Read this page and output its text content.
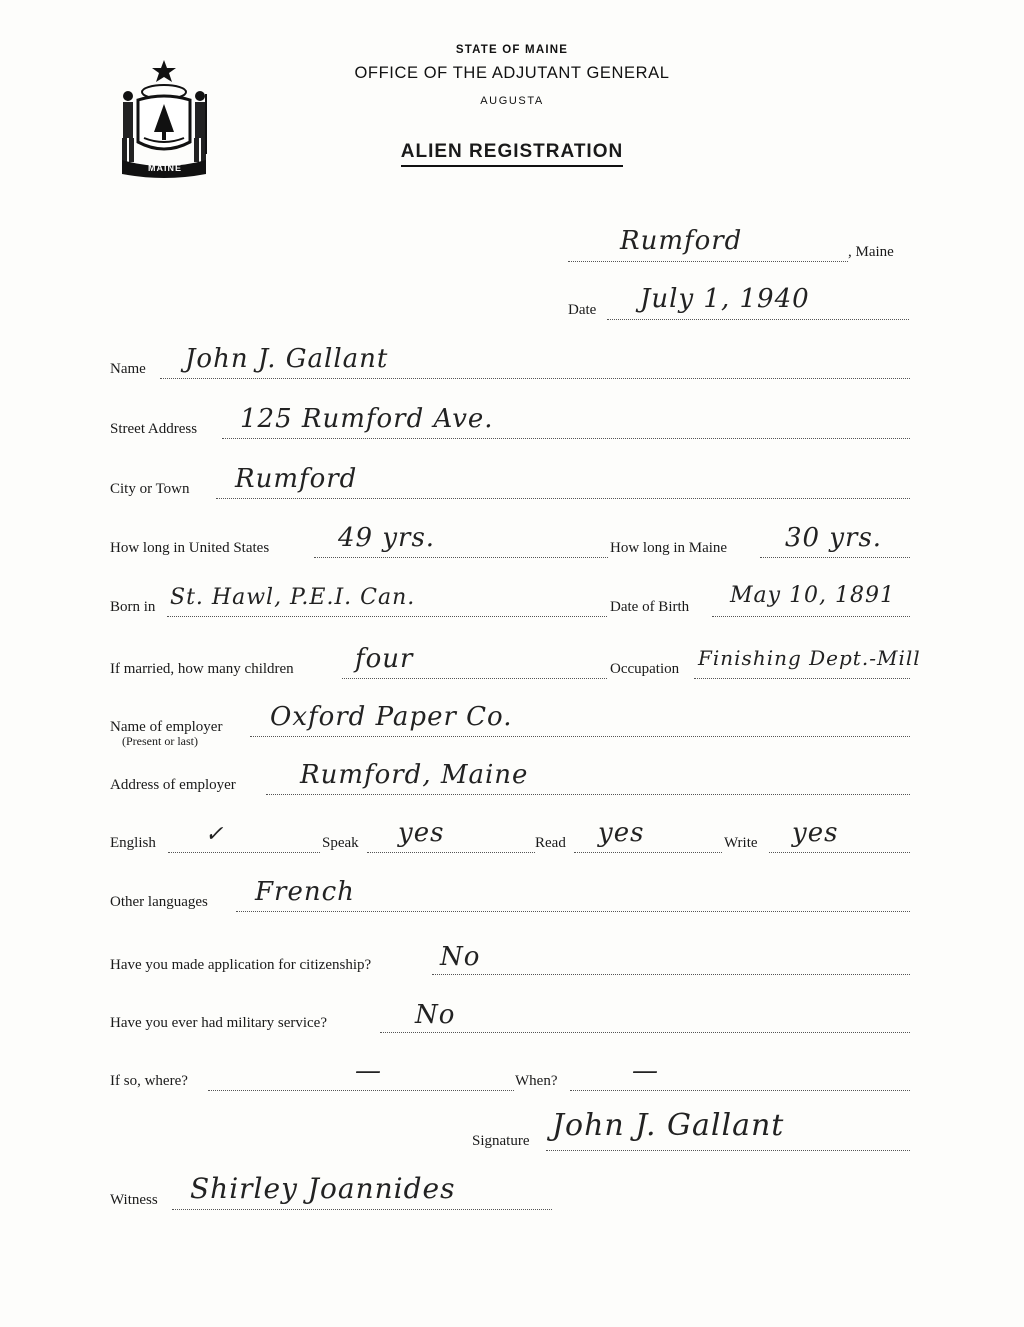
MAINE
STATE OF MAINE
OFFICE OF THE ADJUTANT GENERAL
AUGUSTA
ALIEN REGISTRATION
Rumford	, Maine
Date July 1, 1940
Name John J. Gallant
Street Address 125 Rumford Ave.
City or Town Rumford
How long in United States	49 yrs.	How long in Maine 30 yrs.
Born in St. Hawl, P.E.I. Can.	Date of Birth May 10, 1891
If married, how many children four	Occupation Finishing Dept.-Mill
Name of employer
(Present or last)
Oxford Paper Co.
Address of employer Rumford, Maine
English ✓	Speak yes	Read yes	Write yes
Other languages French
Have you made application for citizenship?	No
Have you ever had military service?	No
If so, where?	—	When?	—
Signature John J. Gallant
Witness Shirley Joannides
